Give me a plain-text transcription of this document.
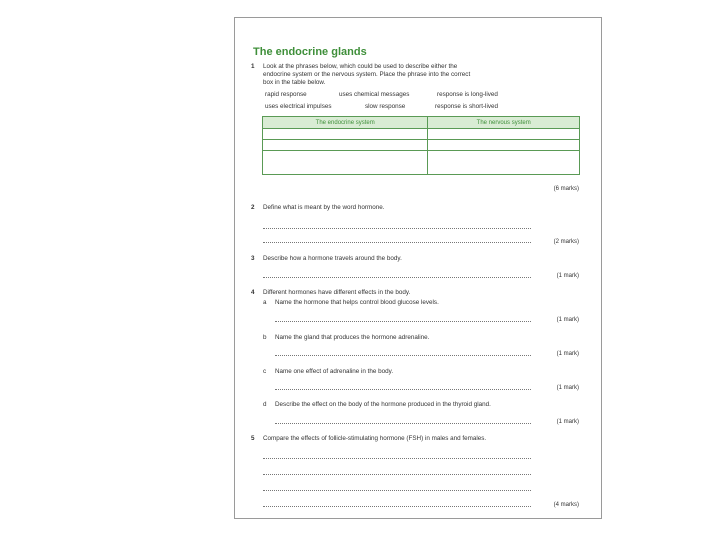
The endocrine glands
1 Look at the phrases below, which could be used to describe either the
endocrine system or the nervous system. Place the phrase into the correct
box in the table below.
rapid response	uses chemical messages	response is long-lived
uses electrical impulses	slow response	response is short-lived
The endocrine system	The nervous system

(6 marks)
2 Define what is meant by the word hormone.
(2 marks)
3 Describe how a hormone travels around the body.
(1 mark)
4 Different hormones have different effects in the body.
a Name the hormone that helps control blood glucose levels.
(1 mark)
b Name the gland that produces the hormone adrenaline.
(1 mark)
c Name one effect of adrenaline in the body.
(1 mark)
d Describe the effect on the body of the hormone produced in the thyroid gland.
(1 mark)
5 Compare the effects of follicle-stimulating hormone (FSH) in males and females.
(4 marks)
